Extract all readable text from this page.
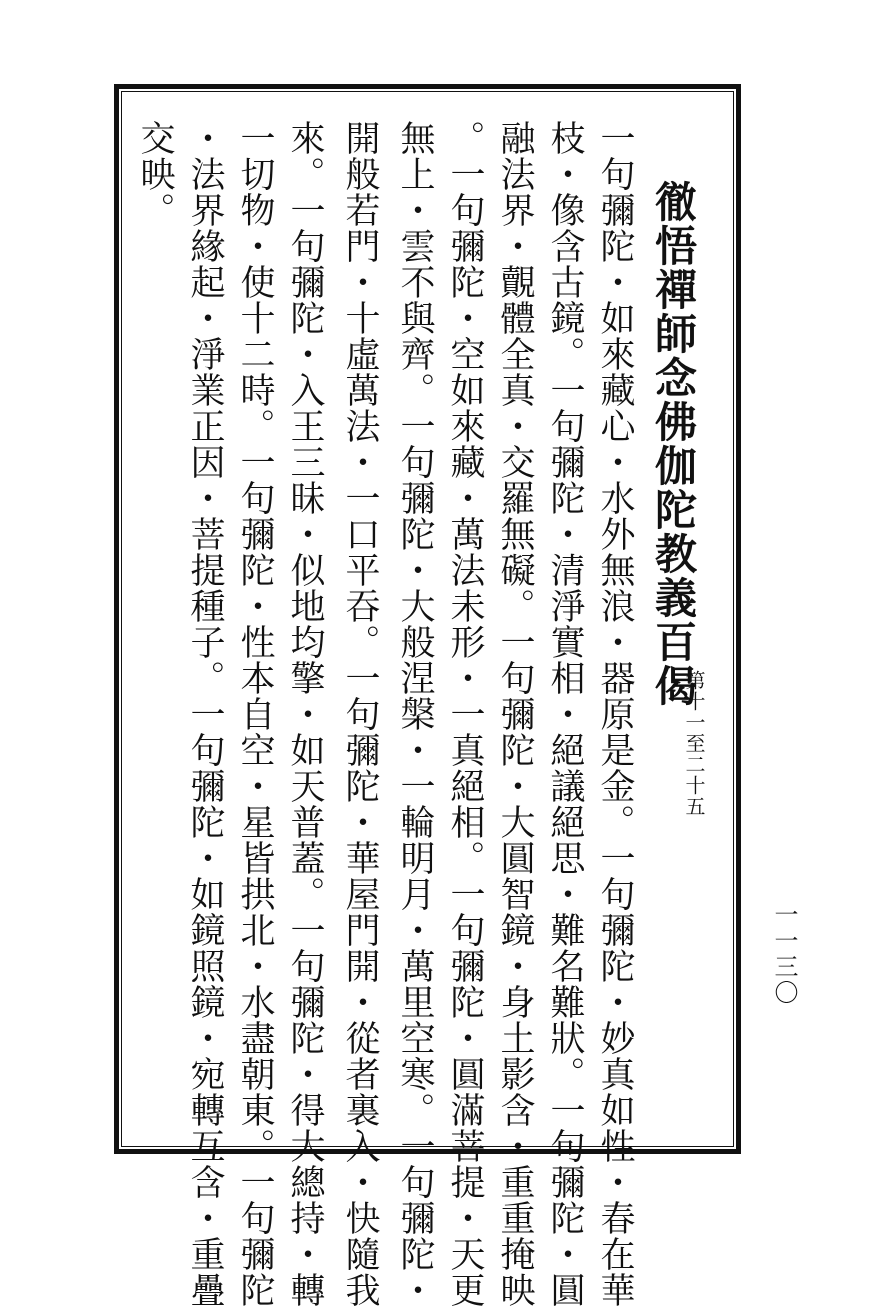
徹悟禪師念佛伽陀教義百偈
第十一至二十五
一句彌陀・如來藏心・水外無浪・器原是金。一句彌陀・妙真如性・春在華
枝・像含古鏡。一句彌陀・清淨實相・絕議絕思・難名難狀。一句彌陀・圓
融法界・覿體全真・交羅無礙。一句彌陀・大圓智鏡・身土影含・重重掩映
。一句彌陀・空如來藏・萬法未形・一真絕相。一句彌陀・圓滿菩提・天更
無上・雲不與齊。一句彌陀・大般涅槃・一輪明月・萬里空寒。一句彌陀・
開般若門・十虛萬法・一口平吞。一句彌陀・華屋門開・從者裏入・快隨我
來。一句彌陀・入王三昧・似地均擎・如天普蓋。一句彌陀・得大總持・轉
一切物・使十二時。一句彌陀・性本自空・星皆拱北・水盡朝東。一句彌陀
・法界緣起・淨業正因・菩提種子。一句彌陀・如鏡照鏡・宛轉互含・重疊
交映。
一一三〇
